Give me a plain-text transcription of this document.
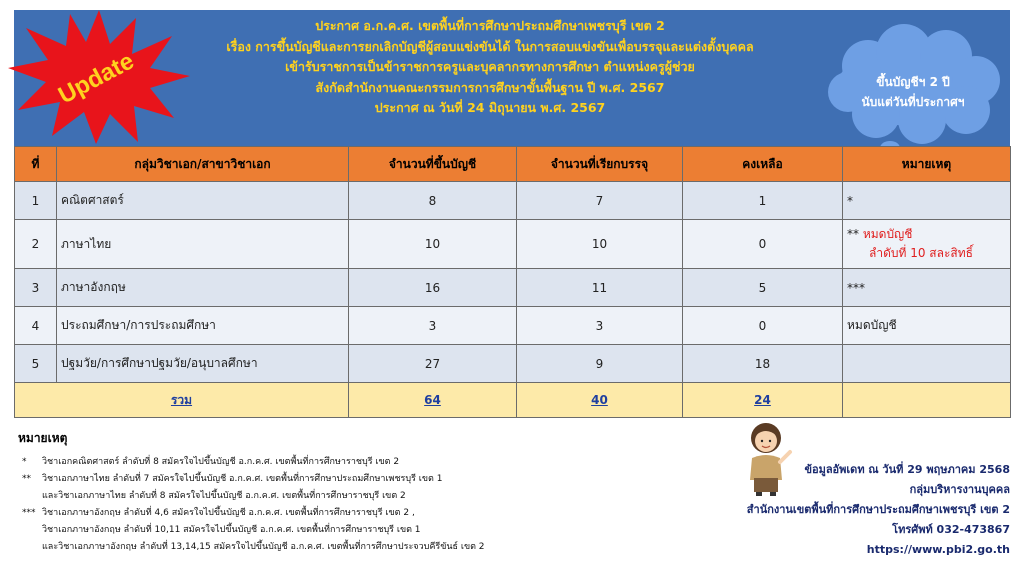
ประกาศ อ.ก.ค.ศ. เขตพื้นที่การศึกษาประถมศึกษาเพชรบุรี เขต 2
เรื่อง การขึ้นบัญชีและการยกเลิกบัญชีผู้สอบแข่งขันได้ ในการสอบแข่งขันเพื่อบรรจุและแต่งตั้งบุคคล
เข้ารับราชการเป็นข้าราชการครูและบุคลากรทางการศึกษา ตำแหน่งครูผู้ช่วย
สังกัดสำนักงานคณะกรรมการการศึกษาขั้นพื้นฐาน ปี พ.ศ. 2567
ประกาศ ณ วันที่ 24 มิถุนายน พ.ศ. 2567
Update	ขึ้นบัญชีฯ 2 ปี
นับแต่วันที่ประกาศฯ
ที่	กลุ่มวิชาเอก/สาขาวิชาเอก	จำนวนที่ขึ้นบัญชี	จำนวนที่เรียกบรรจุ	คงเหลือ	หมายเหตุ
1	คณิตศาสตร์	8	7	1	*
2	ภาษาไทย	10	10	0	** หมดบัญชี
ลำดับที่ 10 สละสิทธิ์

3	ภาษาอังกฤษ	16	11	5	***
4	ประถมศึกษา/การประถมศึกษา	3	3	0	หมดบัญชี
5	ปฐมวัย/การศึกษาปฐมวัย/อนุบาลศึกษา	27	9	18	
รวม		64	40	24	
หมายเหตุ
* วิชาเอกคณิตศาสตร์ ลำดับที่ 8 สมัครใจไปขึ้นบัญชี อ.ก.ค.ศ. เขตพื้นที่การศึกษาราชบุรี เขต 2
** วิชาเอกภาษาไทย ลำดับที่ 7 สมัครใจไปขึ้นบัญชี อ.ก.ค.ศ. เขตพื้นที่การศึกษาประถมศึกษาเพชรบุรี เขต 1
และวิชาเอกภาษาไทย ลำดับที่ 8 สมัครใจไปขึ้นบัญชี อ.ก.ค.ศ. เขตพื้นที่การศึกษาราชบุรี เขต 2
*** วิชาเอกภาษาอังกฤษ ลำดับที่ 4,6 สมัครใจไปขึ้นบัญชี อ.ก.ค.ศ. เขตพื้นที่การศึกษาราชบุรี เขต 2 ,
วิชาเอกภาษาอังกฤษ ลำดับที่ 10,11 สมัครใจไปขึ้นบัญชี อ.ก.ค.ศ. เขตพื้นที่การศึกษาราชบุรี เขต 1
และวิชาเอกภาษาอังกฤษ ลำดับที่ 13,14,15 สมัครใจไปขึ้นบัญชี อ.ก.ค.ศ. เขตพื้นที่การศึกษาประจวบคีรีขันธ์ เขต 2
ข้อมูลอัพเดท ณ วันที่ 29 พฤษภาคม 2568
กลุ่มบริหารงานบุคคล
สำนักงานเขตพื้นที่การศึกษาประถมศึกษาเพชรบุรี เขต 2
โทรศัพท์ 032-473867
https://www.pbi2.go.th
